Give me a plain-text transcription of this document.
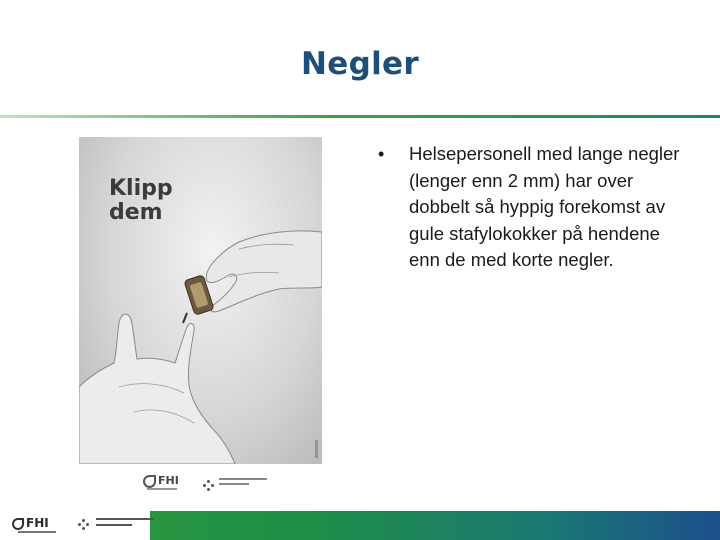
Negler
Klipp
dem
FHI
• Helsepersonell med lange negler (lenger enn 2 mm) har over dobbelt så hyppig forekomst av gule stafylokokker på hendene enn de med korte negler.
FHI
